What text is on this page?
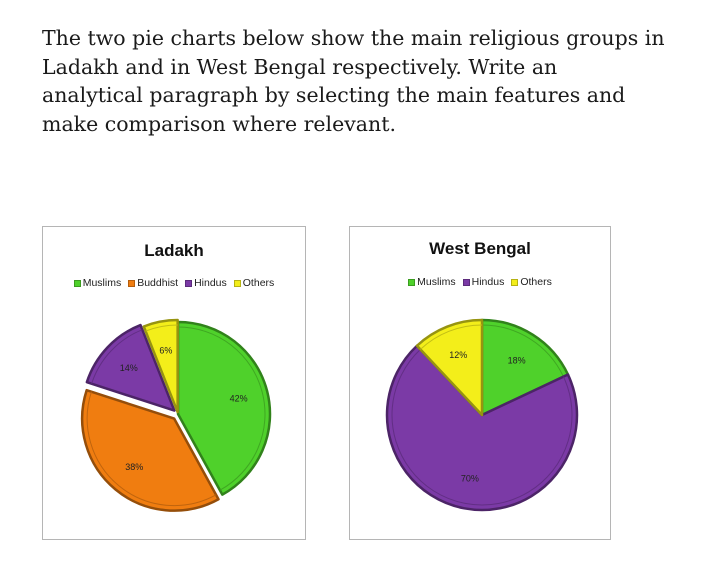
The two pie charts below show the main religious groups in
Ladakh and in West Bengal respectively. Write an
analytical paragraph by selecting the main features and
make comparison where relevant.
Ladakh
Muslims Buddhist Hindus Others
42%
38%
14%
6%
West Bengal
Muslims Hindus Others
18%
70%
12%
